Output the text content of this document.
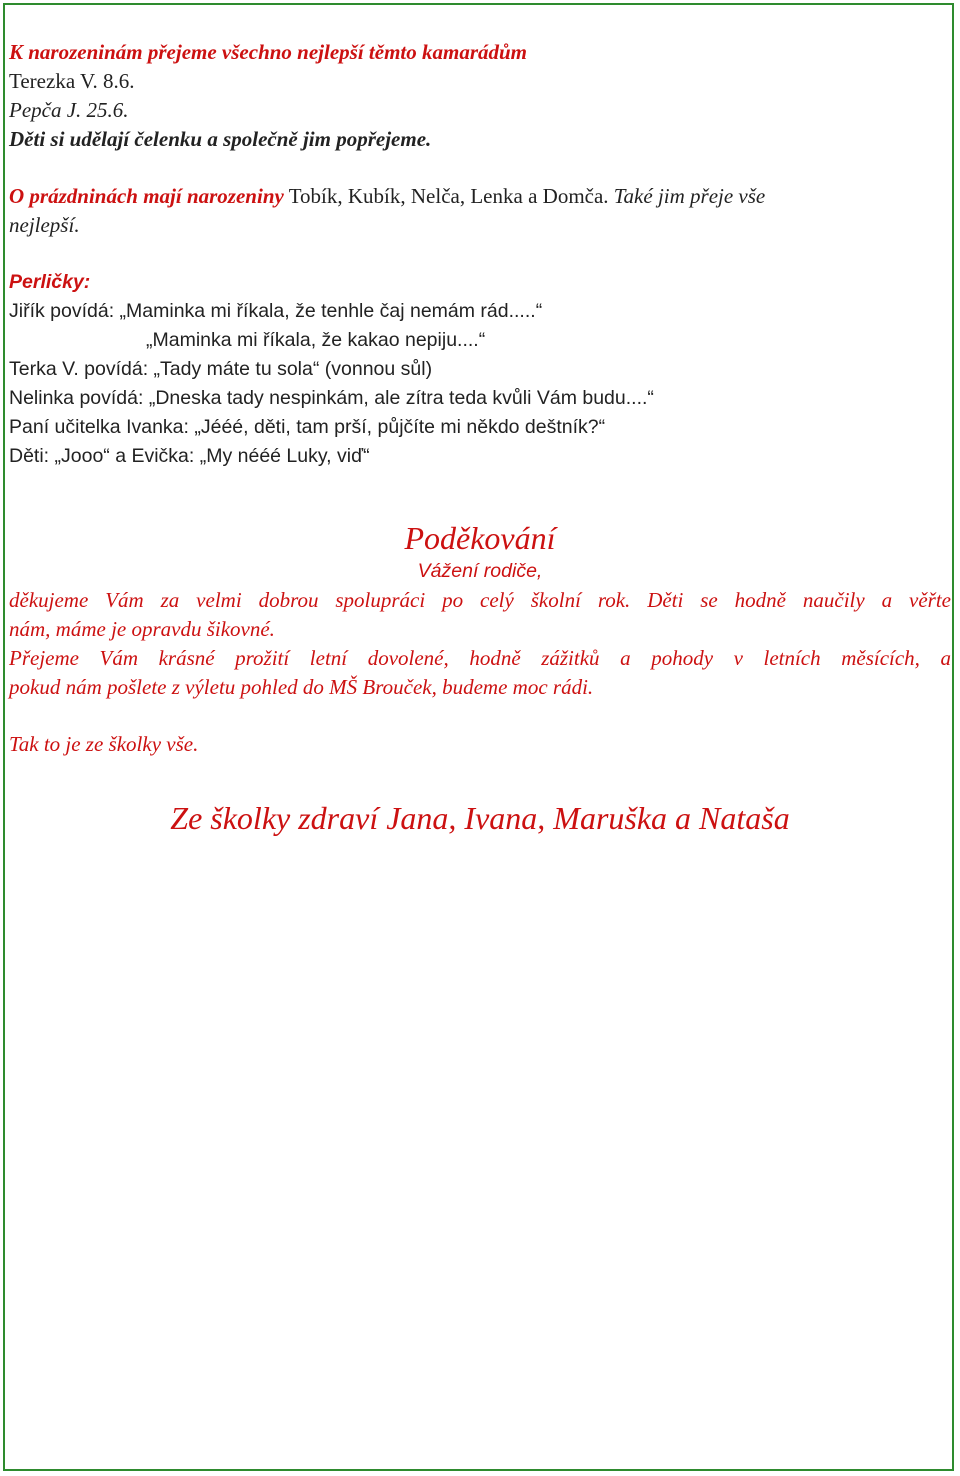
K narozeninám přejeme všechno nejlepší těmto kamarádům
Terezka V. 8.6.
Pepča J. 25.6.
Děti si udělají čelenku a společně jim popřejeme.
O prázdninách mají narozeniny Tobík, Kubík, Nelča, Lenka a Domča. Také jim přeje vše
nejlepší.
Perličky:
Jiřík povídá: „Maminka mi říkala, že tenhle čaj nemám rád.....“
„Maminka mi říkala, že kakao nepiju....“
Terka V. povídá: „Tady máte tu sola“ (vonnou sůl)
Nelinka povídá: „Dneska tady nespinkám, ale zítra teda kvůli Vám budu....“
Paní učitelka Ivanka: „Jééé, děti, tam prší, půjčíte mi někdo deštník?“
Děti: „Jooo“ a Evička: „My nééé Luky, viď“
Poděkování
Vážení rodiče,
děkujeme Vám za velmi dobrou spolupráci po celý školní rok. Děti se hodně naučily a věřte
nám, máme je opravdu šikovné.
Přejeme Vám krásné prožití letní dovolené, hodně zážitků a pohody v letních měsících, a
pokud nám pošlete z výletu pohled do MŠ Brouček, budeme moc rádi.
Tak to je ze školky vše.
Ze školky zdraví Jana, Ivana, Maruška a Nataša
